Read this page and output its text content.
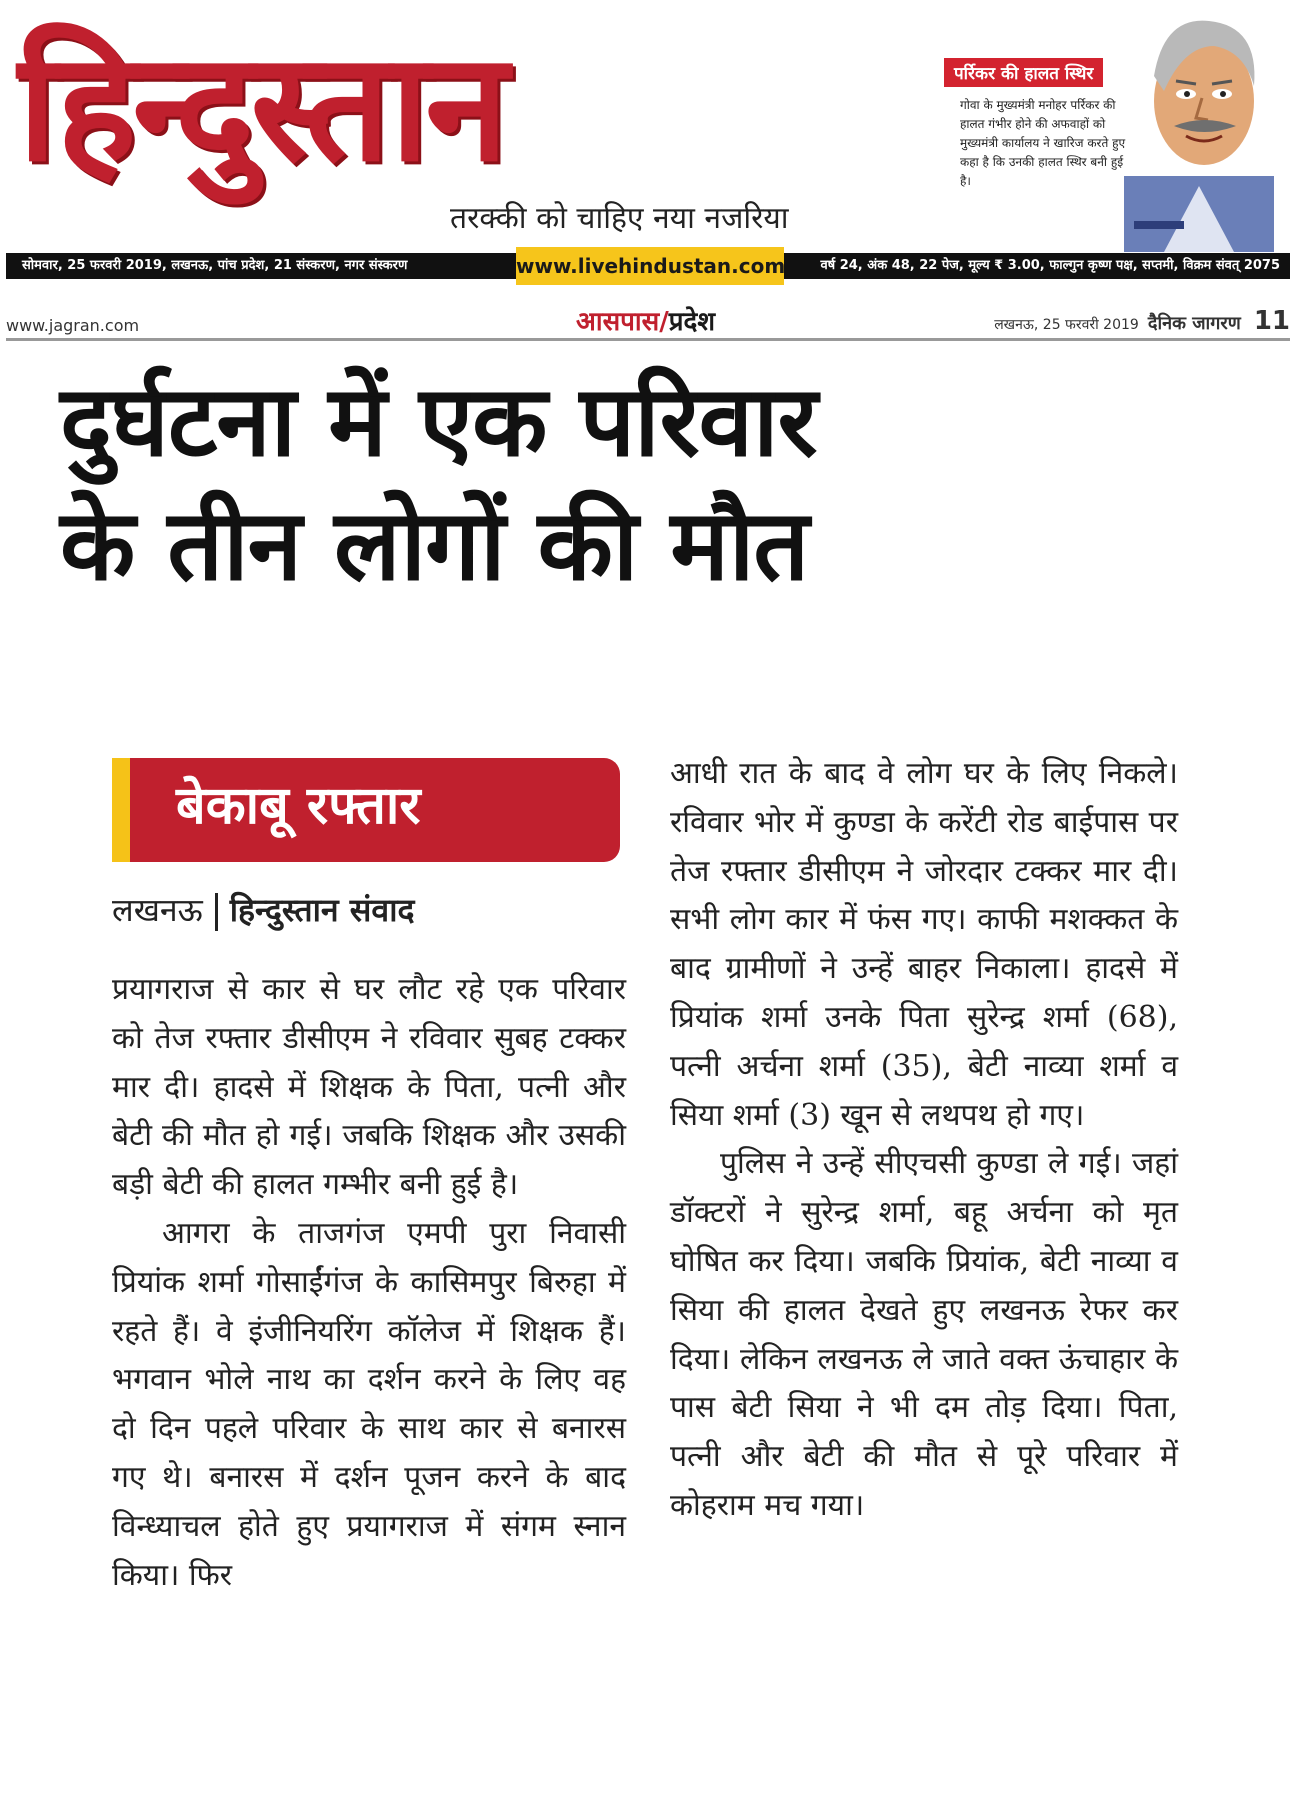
हिन्दुस्तान
तरक्की को चाहिए नया नजरिया
पर्रिकर की हालत स्थिर
गोवा के मुख्यमंत्री मनोहर पर्रिकर की हालत गंभीर होने की अफवाहों को मुख्यमंत्री कार्यालय ने खारिज करते हुए कहा है कि उनकी हालत स्थिर बनी हुई है।
सोमवार, 25 फरवरी 2019, लखनऊ, पांच प्रदेश, 21 संस्करण, नगर संस्करण	वर्ष 24, अंक 48, 22 पेज, मूल्य ₹ 3.00, फाल्गुन कृष्ण पक्ष, सप्तमी, विक्रम संवत् 2075
www.livehindustan.com
www.jagran.com	आसपास/प्रदेश	लखनऊ, 25 फरवरी 2019 दैनिक जागरण 11
दुर्घटना में एक परिवार
के तीन लोगों की मौत
बेकाबू रफ्तार
लखनऊ हिन्दुस्तान संवाद

प्रयागराज से कार से घर लौट रहे एक परिवार को तेज रफ्तार डीसीएम ने रविवार सुबह टक्कर मार दी। हादसे में शिक्षक के पिता, पत्नी और बेटी की मौत हो गई। जबकि शिक्षक और उसकी बड़ी बेटी की हालत गम्भीर बनी हुई है।

आगरा के ताजगंज एमपी पुरा निवासी प्रियांक शर्मा गोसाईंगंज के कासिमपुर बिरुहा में रहते हैं। वे इंजीनियरिंग कॉलेज में शिक्षक हैं। भगवान भोले नाथ का दर्शन करने के लिए वह दो दिन पहले परिवार के साथ कार से बनारस गए थे। बनारस में दर्शन पूजन करने के बाद विन्ध्याचल होते हुए प्रयागराज में संगम स्नान किया। फिर

आधी रात के बाद वे लोग घर के लिए निकले। रविवार भोर में कुण्डा के करेंटी रोड बाईपास पर तेज रफ्तार डीसीएम ने जोरदार टक्कर मार दी। सभी लोग कार में फंस गए। काफी मशक्कत के बाद ग्रामीणों ने उन्हें बाहर निकाला। हादसे में प्रियांक शर्मा उनके पिता सुरेन्द्र शर्मा (68), पत्नी अर्चना शर्मा (35), बेटी नाव्या शर्मा व सिया शर्मा (3) खून से लथपथ हो गए।

पुलिस ने उन्हें सीएचसी कुण्डा ले गई। जहां डॉक्टरों ने सुरेन्द्र शर्मा, बहू अर्चना को मृत घोषित कर दिया। जबकि प्रियांक, बेटी नाव्या व सिया की हालत देखते हुए लखनऊ रेफर कर दिया। लेकिन लखनऊ ले जाते वक्त ऊंचाहार के पास बेटी सिया ने भी दम तोड़ दिया। पिता, पत्नी और बेटी की मौत से पूरे परिवार में कोहराम मच गया।
